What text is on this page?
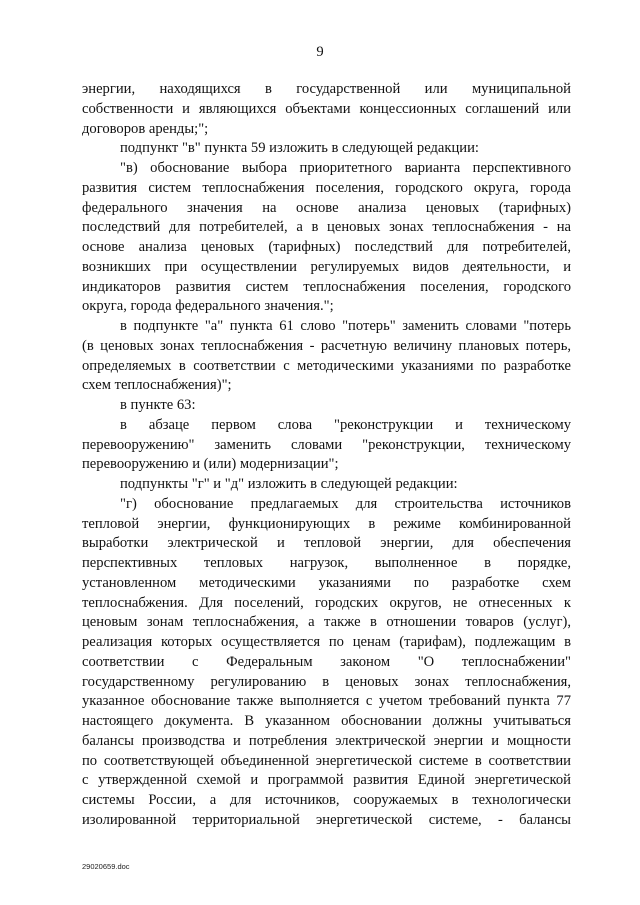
9
энергии, находящихся в государственной или муниципальной
собственности и являющихся объектами концессионных соглашений или
договоров аренды;";
подпункт "в" пункта 59 изложить в следующей редакции:
"в) обоснование выбора приоритетного варианта перспективного
развития систем теплоснабжения поселения, городского округа, города
федерального значения на основе анализа ценовых (тарифных)
последствий для потребителей, а в ценовых зонах теплоснабжения - на
основе анализа ценовых (тарифных) последствий для потребителей,
возникших при осуществлении регулируемых видов деятельности, и
индикаторов развития систем теплоснабжения поселения, городского
округа, города федерального значения.";
в подпункте "а" пункта 61 слово "потерь" заменить словами "потерь
(в ценовых зонах теплоснабжения - расчетную величину плановых потерь,
определяемых в соответствии с методическими указаниями по разработке
схем теплоснабжения)";
в пункте 63:
в абзаце первом слова "реконструкции и техническому
перевооружению" заменить словами "реконструкции, техническому
перевооружению и (или) модернизации";
подпункты "г" и "д" изложить в следующей редакции:
"г) обоснование предлагаемых для строительства источников
тепловой энергии, функционирующих в режиме комбинированной
выработки электрической и тепловой энергии, для обеспечения
перспективных тепловых нагрузок, выполненное в порядке,
установленном методическими указаниями по разработке схем
теплоснабжения. Для поселений, городских округов, не отнесенных к
ценовым зонам теплоснабжения, а также в отношении товаров (услуг),
реализация которых осуществляется по ценам (тарифам), подлежащим в
соответствии с Федеральным законом "О теплоснабжении"
государственному регулированию в ценовых зонах теплоснабжения,
указанное обоснование также выполняется с учетом требований пункта 77
настоящего документа. В указанном обосновании должны учитываться
балансы производства и потребления электрической энергии и мощности
по соответствующей объединенной энергетической системе в соответствии
с утвержденной схемой и программой развития Единой энергетической
системы России, а для источников, сооружаемых в технологически
изолированной территориальной энергетической системе, - балансы
29020659.doc
